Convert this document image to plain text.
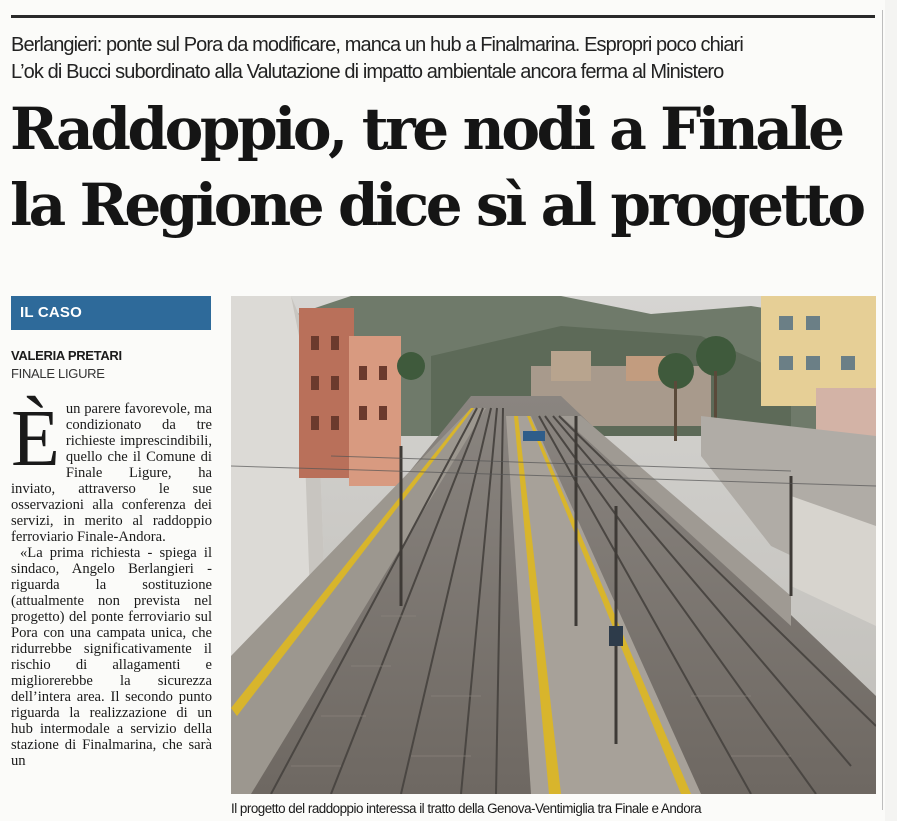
Berlangieri: ponte sul Pora da modificare, manca un hub a Finalmarina. Espropri poco chiari
L’ok di Bucci subordinato alla Valutazione di impatto ambientale ancora ferma al Ministero
Raddoppio, tre nodi a Finale
la Regione dice sì al progetto
IL CASO
VALERIA PRETARI
FINALE LIGURE

Èun parere favorevole, ma condizionato da tre richieste imprescindibili, quello che il Comune di Finale Ligure, ha inviato, attraverso le sue osservazioni alla conferenza dei servizi, in merito al raddoppio ferroviario Finale-Andora.

«La prima richiesta - spiega il sindaco, Angelo Berlangieri - riguarda la sostituzione (attualmente non prevista nel progetto) del ponte ferroviario sul Pora con una campata unica, che ridurrebbe significativamente il rischio di allagamenti e migliorerebbe la sicurezza dell’intera area. Il secondo punto riguarda la realizzazione di un hub intermodale a servizio della stazione di Finalmarina, che sarà un

Il progetto del raddoppio interessa il tratto della Genova-Ventimiglia tra Finale e Andora
